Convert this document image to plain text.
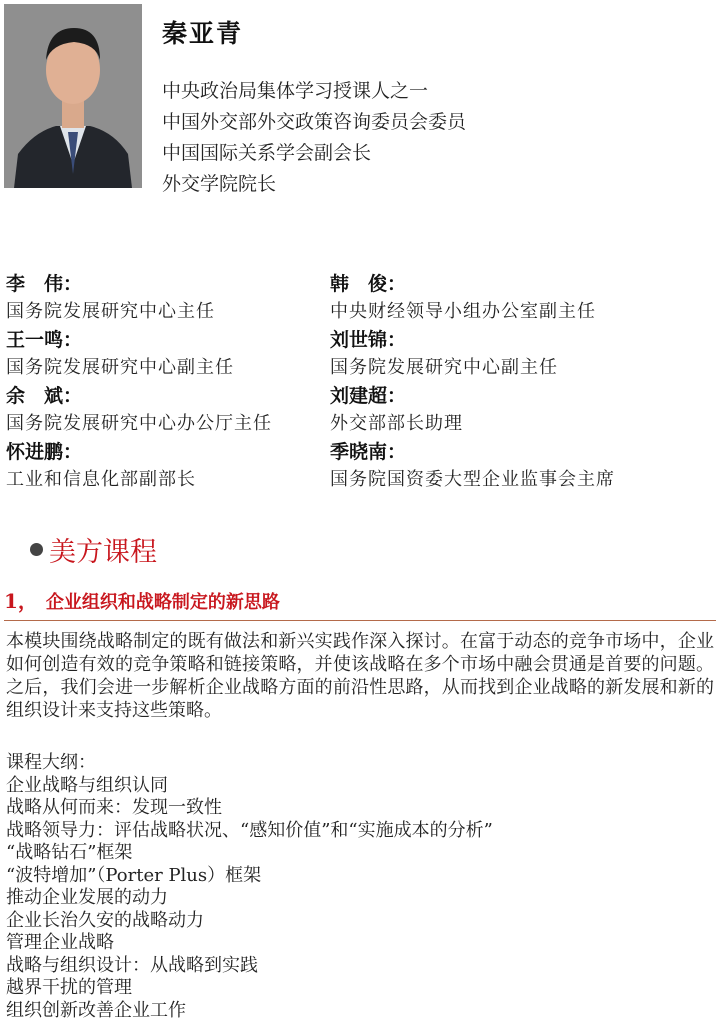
秦亚青
中央政治局集体学习授课人之一
中国外交部外交政策咨询委员会委员
中国国际关系学会副会长
外交学院院长
李　伟：
国务院发展研究中心主任
王一鸣：
国务院发展研究中心副主任
余　斌：
国务院发展研究中心办公厅主任
怀进鹏：
工业和信息化部副部长
韩　俊：
中央财经领导小组办公室副主任
刘世锦：
国务院发展研究中心副主任
刘建超：
外交部部长助理
季晓南：
国务院国资委大型企业监事会主席
美方课程
1， 企业组织和战略制定的新思路

本模块围绕战略制定的既有做法和新兴实践作深入探讨。在富于动态的竞争市场中，企业如何创造有效的竞争策略和链接策略，并使该战略在多个市场中融会贯通是首要的问题。之后，我们会进一步解析企业战略方面的前沿性思路，从而找到企业战略的新发展和新的组织设计来支持这些策略。

课程大纲：
企业战略与组织认同
战略从何而来：发现一致性
战略领导力：评估战略状况、“感知价值”和“实施成本的分析”
“战略钻石”框架
“波特增加”（Porter Plus）框架
推动企业发展的动力
企业长治久安的战略动力
管理企业战略
战略与组织设计：从战略到实践
越界干扰的管理
组织创新改善企业工作
